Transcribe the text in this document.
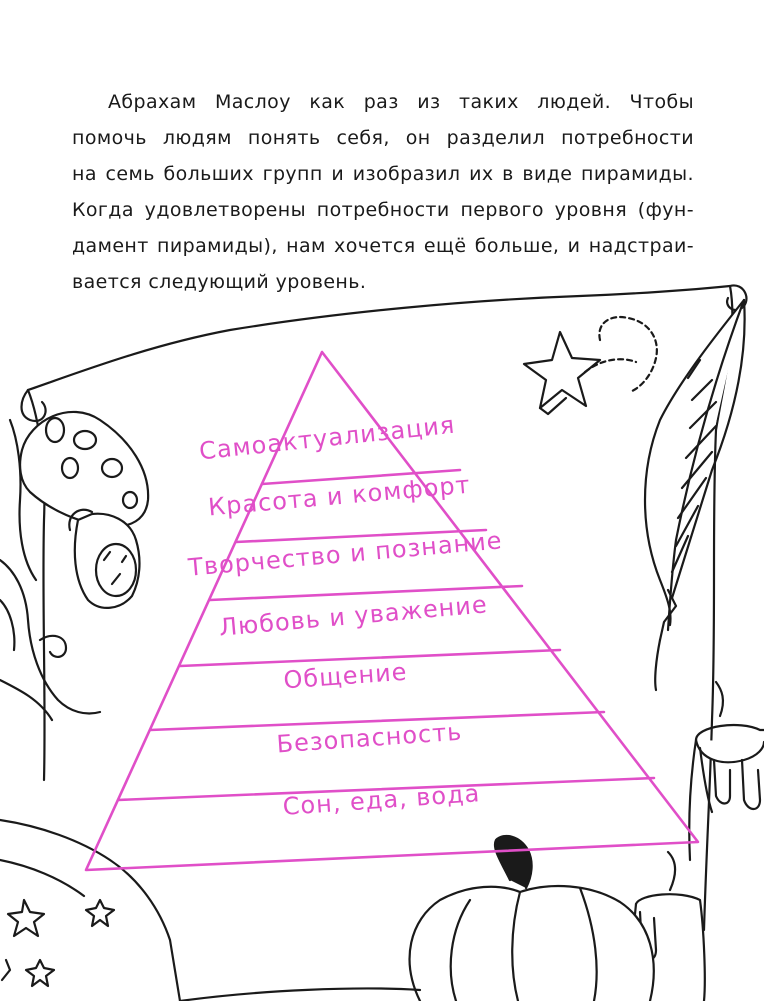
Абрахам Маслоу как раз из таких людей. Чтобы
помочь людям понять себя, он разделил потребности
на семь больших групп и изобразил их в виде пирамиды.
Когда удовлетворены потребности первого уровня (фун-
дамент пирамиды), нам хочется ещё больше, и надстраи-
вается следующий уровень.
Самоактуализация
Красота и комфорт
Творчество и познание
Любовь и уважение
Общение
Безопасность
Сон, еда, вода
